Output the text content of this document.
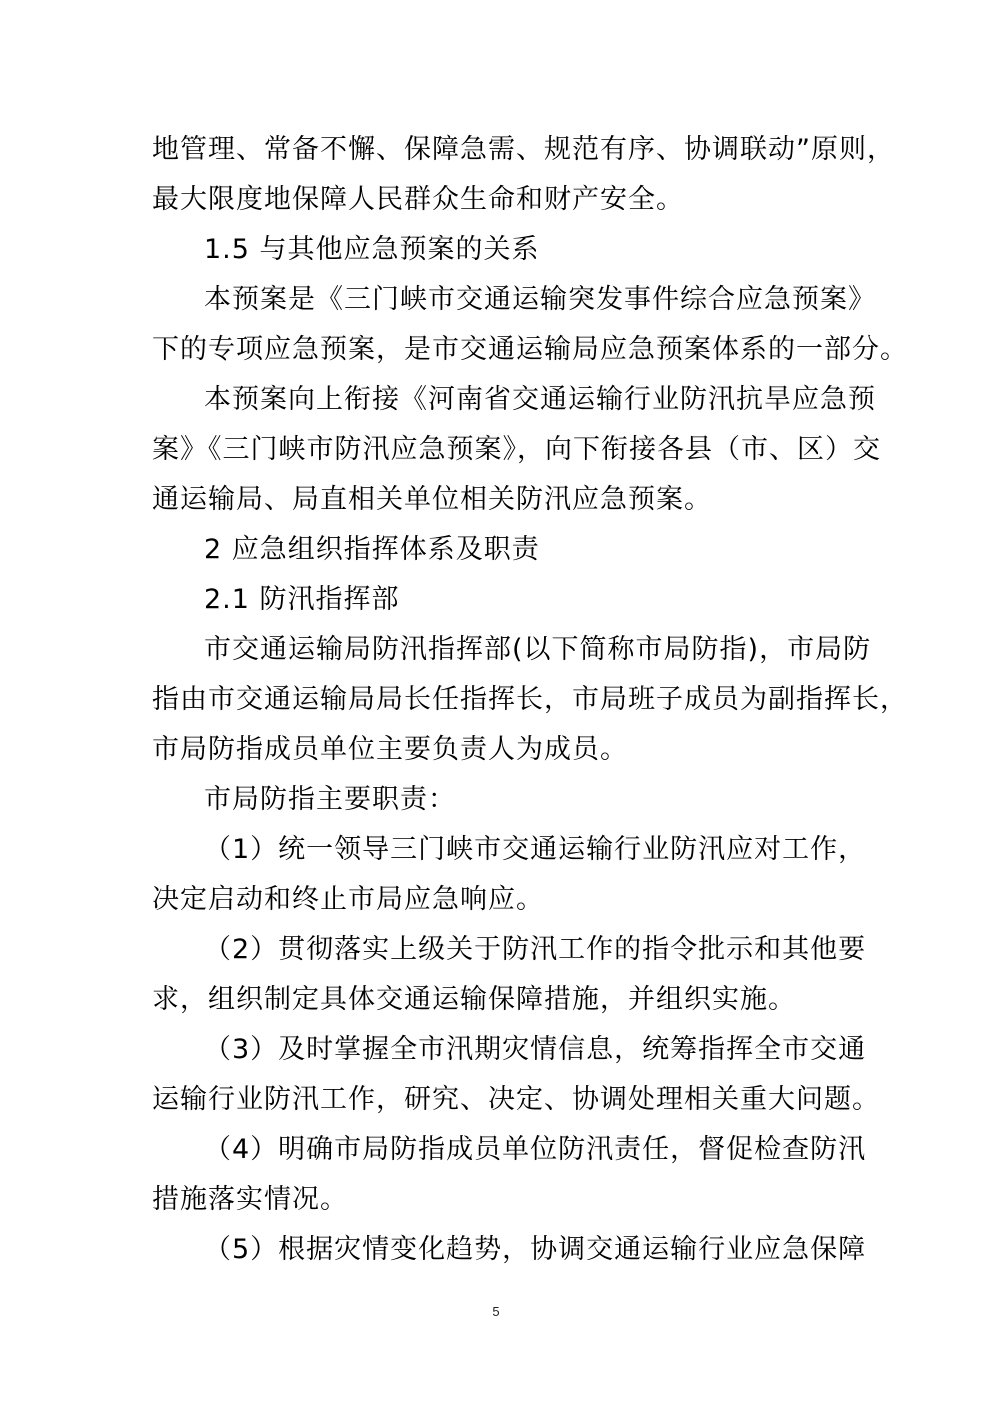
地管理、常备不懈、保障急需、规范有序、协调联动”原则，
最大限度地保障人民群众生命和财产安全。
1.5 与其他应急预案的关系
本预案是《三门峡市交通运输突发事件综合应急预案》
下的专项应急预案，是市交通运输局应急预案体系的一部分。
本预案向上衔接《河南省交通运输行业防汛抗旱应急预
案》《三门峡市防汛应急预案》，向下衔接各县（市、区）交
通运输局、局直相关单位相关防汛应急预案。
2 应急组织指挥体系及职责
2.1 防汛指挥部
市交通运输局防汛指挥部(以下简称市局防指)，市局防
指由市交通运输局局长任指挥长，市局班子成员为副指挥长，
市局防指成员单位主要负责人为成员。
市局防指主要职责：
（1）统一领导三门峡市交通运输行业防汛应对工作，
决定启动和终止市局应急响应。
（2）贯彻落实上级关于防汛工作的指令批示和其他要
求，组织制定具体交通运输保障措施，并组织实施。
（3）及时掌握全市汛期灾情信息，统筹指挥全市交通
运输行业防汛工作，研究、决定、协调处理相关重大问题。
（4）明确市局防指成员单位防汛责任，督促检查防汛
措施落实情况。
（5）根据灾情变化趋势，协调交通运输行业应急保障
5
